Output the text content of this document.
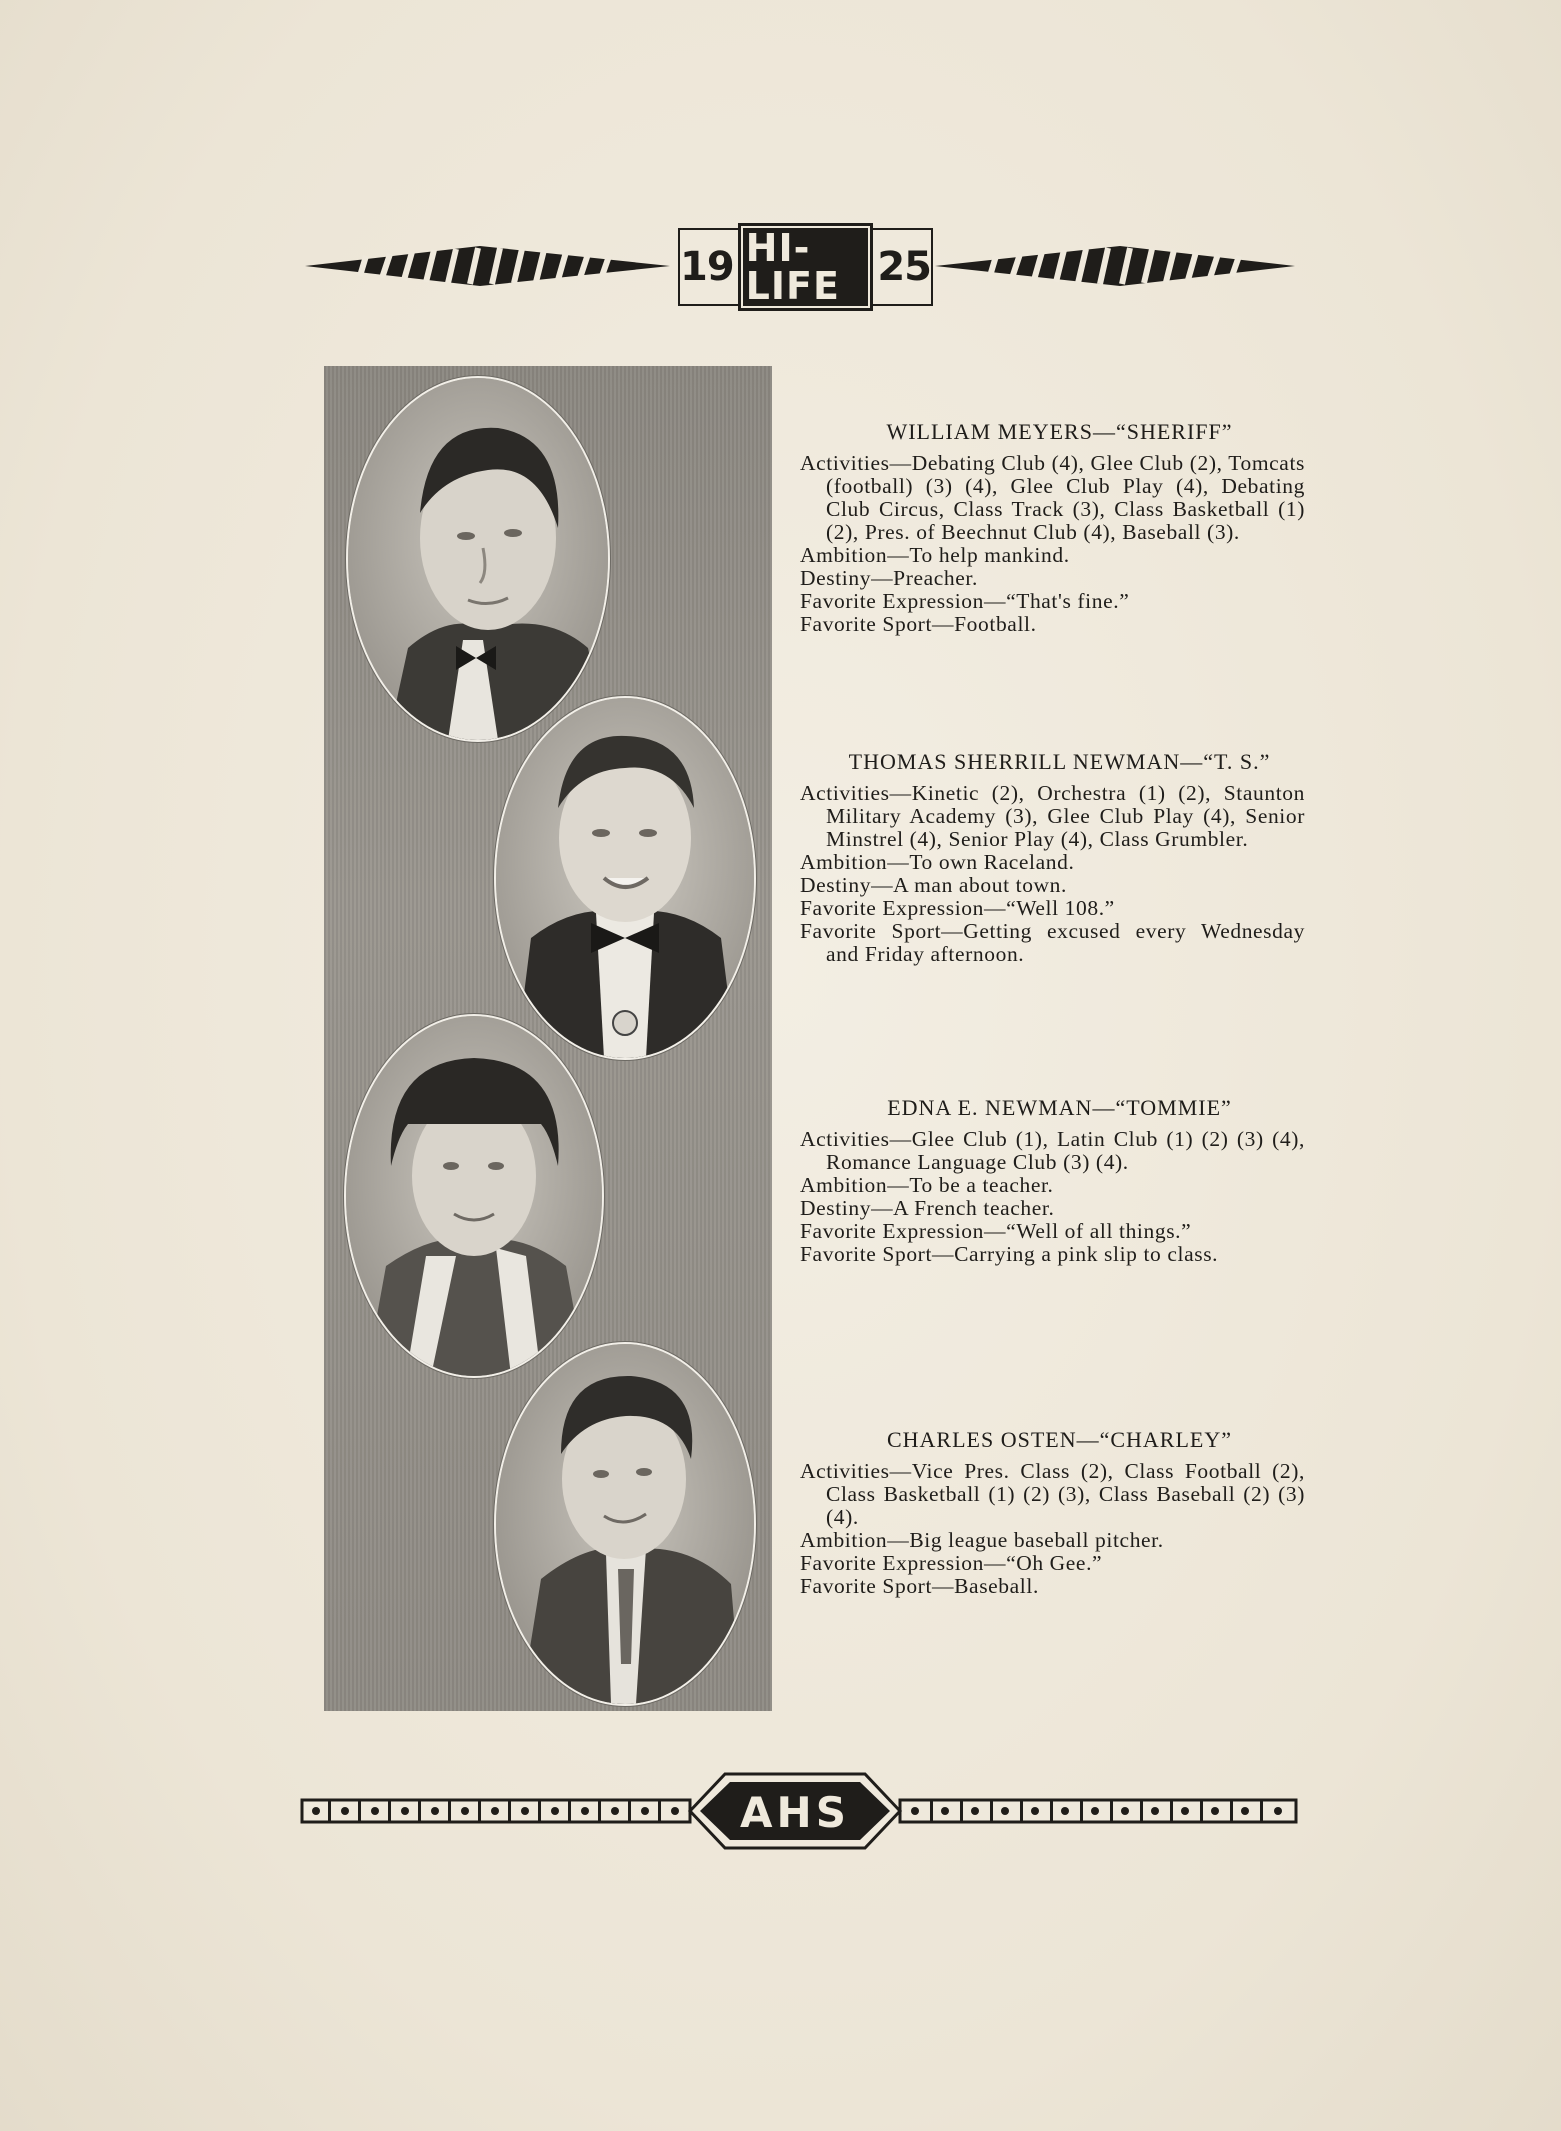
19 HI-LIFE 25

WILLIAM MEYERS—“SHERIFF”

Activities—Debating Club (4), Glee Club (2), Tomcats (football) (3) (4), Glee Club Play (4), Debating Club Circus, Class Track (3), Class Basketball (1) (2), Pres. of Beechnut Club (4), Baseball (3).

Ambition—To help mankind.

Destiny—Preacher.

Favorite Expression—“That's fine.”

Favorite Sport—Football.

THOMAS SHERRILL NEWMAN—“T. S.”

Activities—Kinetic (2), Orchestra (1) (2), Staunton Military Academy (3), Glee Club Play (4), Senior Minstrel (4), Senior Play (4), Class Grumbler.

Ambition—To own Raceland.

Destiny—A man about town.

Favorite Expression—“Well 108.”

Favorite Sport—Getting excused every Wednesday and Friday afternoon.

EDNA E. NEWMAN—“TOMMIE”

Activities—Glee Club (1), Latin Club (1) (2) (3) (4), Romance Language Club (3) (4).

Ambition—To be a teacher.

Destiny—A French teacher.

Favorite Expression—“Well of all things.”

Favorite Sport—Carrying a pink slip to class.

CHARLES OSTEN—“CHARLEY”

Activities—Vice Pres. Class (2), Class Football (2), Class Basketball (1) (2) (3), Class Baseball (2) (3) (4).

Ambition—Big league baseball pitcher.

Favorite Expression—“Oh Gee.”

Favorite Sport—Baseball.

AHS
